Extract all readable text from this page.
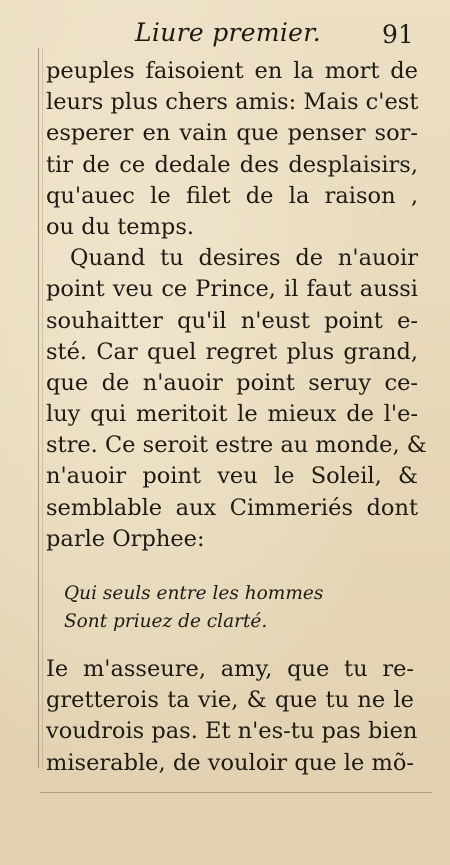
Liure premier. 91
peuples faisoient en la mort de
leurs plus chers amis: Mais c'est
esperer en vain que penser sor-
tir de ce dedale des desplaisirs,
qu'auec le filet de la raison ,
ou du temps.
Quand tu desires de n'auoir
point veu ce Prince, il faut aussi
souhaitter qu'il n'eust point e-
sté. Car quel regret plus grand,
que de n'auoir point seruy ce-
luy qui meritoit le mieux de l'e-
stre. Ce seroit estre au monde, &
n'auoir point veu le Soleil, &
semblable aux Cimmeriés dont
parle Orphee:
Qui seuls entre les hommes
Sont priuez de clarté.
Ie m'asseure, amy, que tu re-
gretterois ta vie, & que tu ne le
voudrois pas. Et n'es-tu pas bien
miserable, de vouloir que le mõ-
